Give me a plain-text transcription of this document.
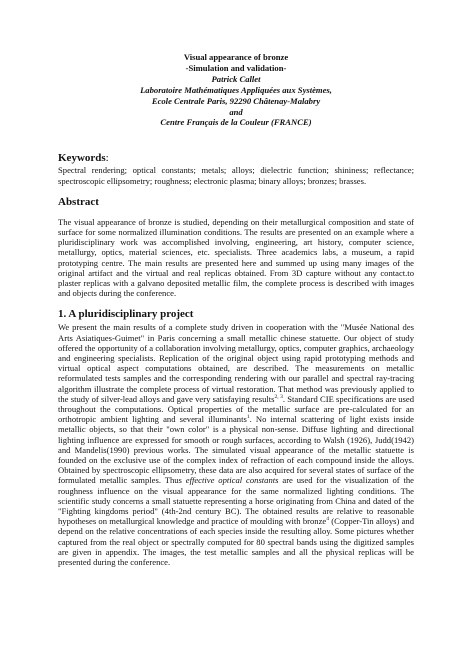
Visual appearance of bronze
-Simulation and validation-
Patrick Callet
Laboratoire Mathématiques Appliquées aux Systèmes,
Ecole Centrale Paris, 92290 Châtenay-Malabry
and
Centre Français de la Couleur (FRANCE)
Keywords:

Spectral rendering; optical constants; metals; alloys; dielectric function; shininess; reflectance; spectroscopic ellipsometry; roughness; electronic plasma; binary alloys; bronzes; brasses.

Abstract

The visual appearance of bronze is studied, depending on their metallurgical composition and state of surface for some normalized illumination conditions. The results are presented on an example where a pluridisciplinary work was accomplished involving, engineering, art history, computer science, metallurgy, optics, material sciences, etc. specialists. Three academics labs, a museum, a rapid prototyping centre. The main results are presented here and summed up using many images of the original artifact and the virtual and real replicas obtained. From 3D capture without any contact.to plaster replicas with a galvano deposited metallic film, the complete process is described with images and objects during the conference.

1. A pluridisciplinary project

We present the main results of a complete study driven in cooperation with the "Musée National des Arts Asiatiques-Guimet" in Paris concerning a small metallic chinese statuette. Our object of study offered the opportunity of a collaboration involving metallurgy, optics, computer graphics, archaeology and engineering specialists. Replication of the original object using rapid prototyping methods and virtual optical aspect computations obtained, are described. The measurements on metallic reformulated tests samples and the corresponding rendering with our parallel and spectral ray-tracing algorithm illustrate the complete process of virtual restoration. That method was previously applied to the study of silver-lead alloys and gave very satisfaying results$^{2, 3}$. Standard CIE specifications are used throughout the computations. Optical properties of the metallic surface are pre-calculated for an orthotropic ambient lighting and several illuminants$^1$. No internal scattering of light exists inside metallic objects, so that their "own color" is a physical non-sense. Diffuse lighting and directional lighting influence are expressed for smooth or rough surfaces, according to Walsh (1926), Judd(1942) and Mandelis(1990) previous works. The simulated visual appearance of the metallic statuette is founded on the exclusive use of the complex index of refraction of each compound inside the alloys. Obtained by spectroscopic ellipsometry, these data are also acquired for several states of surface of the formulated metallic samples. Thus effective optical constants are used for the visualization of the roughness influence on the visual appearance for the same normalized lighting conditions. The scientific study concerns a small statuette representing a horse originating from China and dated of the "Fighting kingdoms period" (4th-2nd century BC). The obtained results are relative to reasonable hypotheses on metallurgical knowledge and practice of moulding with bronze$^4$ (Copper-Tin alloys) and depend on the relative concentrations of each species inside the resulting alloy. Some pictures whether captured from the real object or spectrally computed for 80 spectral bands using the digitized samples are given in appendix. The images, the test metallic samples and all the physical replicas will be presented during the conference.
